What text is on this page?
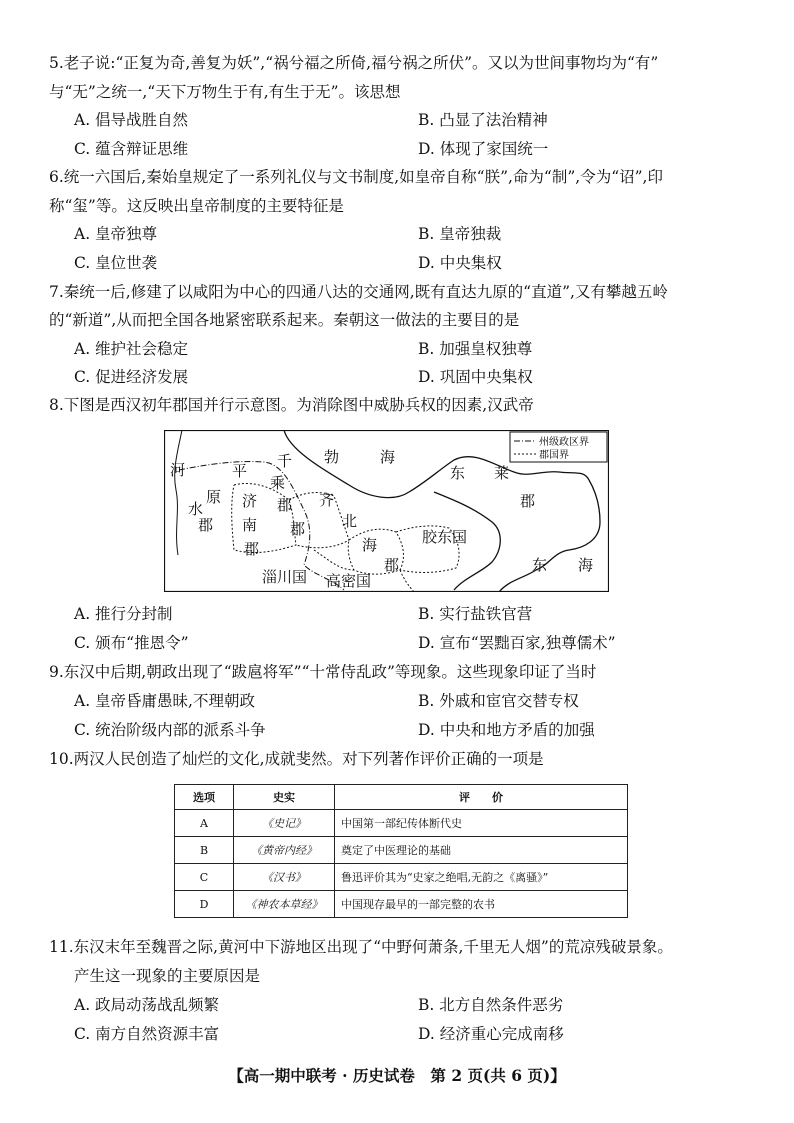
5.老子说:“正复为奇,善复为妖”,“祸兮福之所倚,福兮祸之所伏”。又以为世间事物均为“有”
与“无”之统一,“天下万物生于有,有生于无”。该思想
A. 倡导战胜自然	B. 凸显了法治精神
C. 蕴含辩证思维	D. 体现了家国统一
6.统一六国后,秦始皇规定了一系列礼仪与文书制度,如皇帝自称“朕”,命为“制”,令为“诏”,印
称“玺”等。这反映出皇帝制度的主要特征是
A. 皇帝独尊	B. 皇帝独裁
C. 皇位世袭	D. 中央集权
7.秦统一后,修建了以咸阳为中心的四通八达的交通网,既有直达九原的“直道”,又有攀越五岭
的“新道”,从而把全国各地紧密联系起来。秦朝这一做法的主要目的是
A. 维护社会稳定	B. 加强皇权独尊
C. 促进经济发展	D. 巩固中央集权
8.下图是西汉初年郡国并行示意图。为消除图中威胁兵权的因素,汉武帝
州级政区界
郡国界
河
水
平
原
郡
千
乘
郡
济
南
郡
齐
郡 北
海
郡
勃	海
东 莱
郡
胶东国
淄川国 高密国
东 海
A. 推行分封制	B. 实行盐铁官营
C. 颁布“推恩令”	D. 宣布“罢黜百家,独尊儒术”
9.东汉中后期,朝政出现了“跋扈将军”“十常侍乱政”等现象。这些现象印证了当时
A. 皇帝昏庸愚昧,不理朝政	B. 外戚和宦官交替专权
C. 统治阶级内部的派系斗争	D. 中央和地方矛盾的加强
10.两汉人民创造了灿烂的文化,成就斐然。对下列著作评价正确的一项是
选项	史实	评　　价
A	《史记》	中国第一部纪传体断代史
B	《黄帝内经》	奠定了中医理论的基础
C	《汉书》	鲁迅评价其为“史家之绝唱,无韵之《离骚》”
D	《神农本草经》	中国现存最早的一部完整的农书
11.东汉末年至魏晋之际,黄河中下游地区出现了“中野何萧条,千里无人烟”的荒凉残破景象。
产生这一现象的主要原因是
A. 政局动荡战乱频繁	B. 北方自然条件恶劣
C. 南方自然资源丰富	D. 经济重心完成南移
【高一期中联考 · 历史试卷　第 2 页(共 6 页)】
